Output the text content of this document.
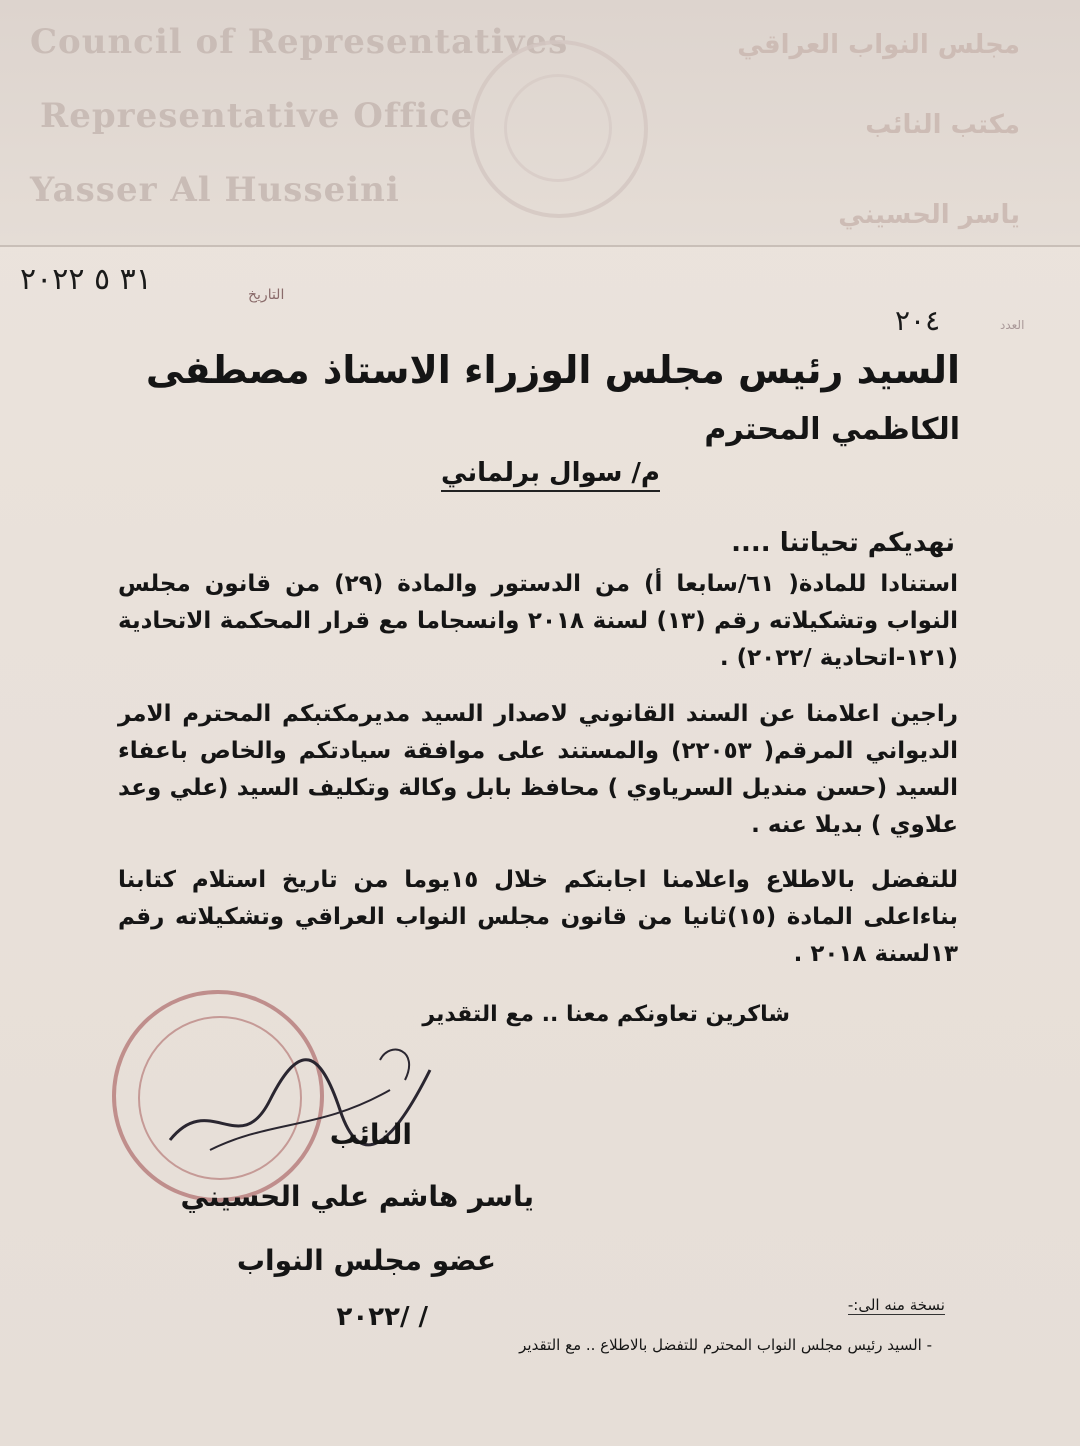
Council of Representatives
Representative Office
Yasser Al Husseini
مجلس النواب العراقي
مكتب النائب
ياسر الحسيني
٣١ ٥ ٢٠٢٢	التاريخ
٢٠٤	العدد
السيد رئيس مجلس الوزراء الاستاذ مصطفى
الكاظمي المحترم
م/ سوال برلماني
نهديكم تحياتنا ....
استنادا للمادة( ٦١/سابعا أ) من الدستور والمادة (٢٩) من قانون مجلس النواب وتشكيلاته رقم (١٣) لسنة ٢٠١٨ وانسجاما مع قرار المحكمة الاتحادية (١٢١-اتحادية /٢٠٢٢) .
راجين اعلامنا عن السند القانوني لاصدار السيد مديرمكتبكم المحترم الامر الديواني المرقم( ٢٢٠٥٣) والمستند على موافقة سيادتكم والخاص باعفاء السيد (حسن منديل السرياوي ) محافظ بابل وكالة وتكليف السيد (علي وعد علاوي ) بديلا عنه .
للتفضل بالاطلاع واعلامنا اجابتكم خلال ١٥يوما من تاريخ استلام كتابنا بناءاعلى المادة (١٥)ثانيا من قانون مجلس النواب العراقي وتشكيلاته رقم ١٣لسنة ٢٠١٨ .
شاكرين تعاونكم معنا .. مع التقدير
النائب
ياسر هاشم علي الحسيني
عضو مجلس النواب
/ /٢٠٢٢	نسخة منه الى:-
- السيد رئيس مجلس النواب المحترم للتفضل بالاطلاع .. مع التقدير
